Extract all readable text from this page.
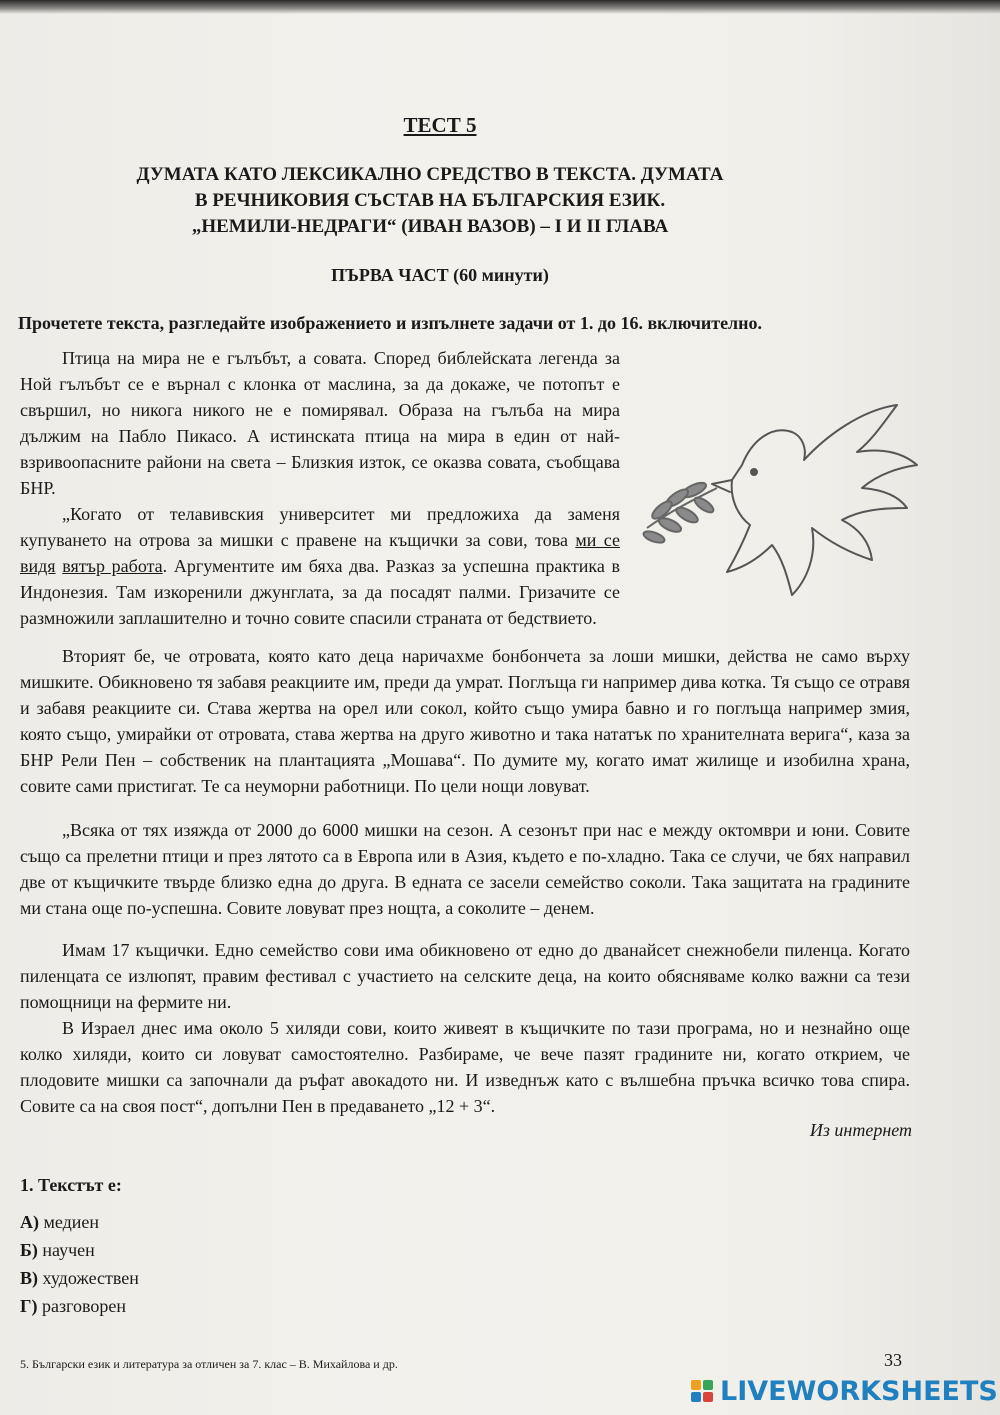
ТЕСТ 5
ДУМАТА КАТО ЛЕКСИКАЛНО СРЕДСТВО В ТЕКСТА. ДУМАТА
В РЕЧНИКОВИЯ СЪСТАВ НА БЪЛГАРСКИЯ ЕЗИК.
„НЕМИЛИ-НЕДРАГИ“ (ИВАН ВАЗОВ) – I И II ГЛАВА
ПЪРВА ЧАСТ (60 минути)
Прочетете текста, разгледайте изображението и изпълнете задачи от 1. до 16. включително.

Птица на мира не е гълъбът, а совата. Според библейската легенда за Ной гълъбът се е върнал с клонка от маслина, за да докаже, че потопът е свършил, но никога никого не е помирявал. Образа на гълъба на мира дължим на Пабло Пикасо. А истинската птица на мира в един от най-взривоопасните райони на света – Близкия изток, се оказва совата, съобщава БНР.

„Когато от телавивския университет ми предложиха да заменя купуването на отрова за мишки с правене на къщички за сови, това ми се видя вятър работа. Аргументите им бяха два. Разказ за успешна практика в Индонезия. Там изкоренили джунглата, за да посадят палми. Гризачите се размножили заплашително и точно совите спасили страната от бедствието.

Вторият бе, че отровата, която като деца наричахме бонбончета за лоши мишки, действа не само върху мишките. Обикновено тя забавя реакциите им, преди да умрат. Поглъща ги например дива котка. Тя също се отравя и забавя реакциите си. Става жертва на орел или сокол, който също умира бавно и го поглъща например змия, която също, умирайки от отровата, става жертва на друго животно и така нататък по хранителната верига“, каза за БНР Рели Пен – собственик на плантацията „Мошава“. По думите му, когато имат жилище и изобилна храна, совите сами пристигат. Те са неуморни работници. По цели нощи ловуват.

„Всяка от тях изяжда от 2000 до 6000 мишки на сезон. А сезонът при нас е между октомври и юни. Совите също са прелетни птици и през лятото са в Европа или в Азия, където е по-хладно. Така се случи, че бях направил две от къщичките твърде близко една до друга. В едната се засели семейство соколи. Така защитата на градините ми стана още по-успешна. Совите ловуват през нощта, а соколите – денем.

Имам 17 къщички. Едно семейство сови има обикновено от едно до дванайсет снежнобели пиленца. Когато пиленцата се излюпят, правим фестивал с участието на селските деца, на които обясняваме колко важни са тези помощници на фермите ни.

В Израел днес има около 5 хиляди сови, които живеят в къщичките по тази програма, но и незнайно още колко хиляди, които си ловуват самостоятелно. Разбираме, че вече пазят градините ни, когато открием, че плодовите мишки са започнали да ръфат авокадото ни. И изведнъж като с вълшебна пръчка всичко това спира. Совите са на своя пост“, допълни Пен в предаването „12 + 3“.

Из интернет
1. Текстът е:
А) медиен
Б) научен
В) художествен
Г) разговорен
5. Български език и литература за отличен за 7. клас – В. Михайлова и др.	33
LIVEWORKSHEETS
